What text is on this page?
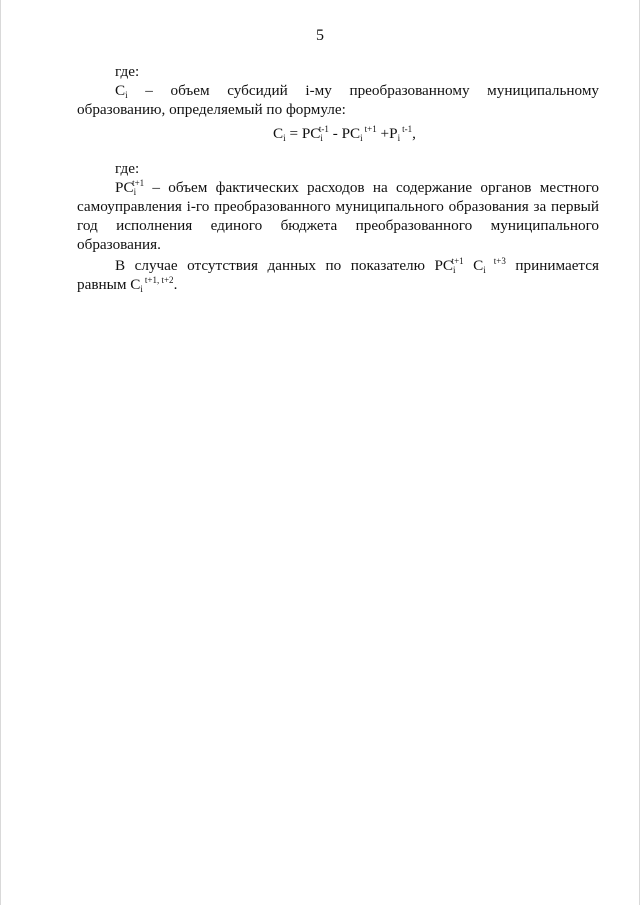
5
где:
$С_i$ – объем субсидий i-му преобразованному муниципальному
образованию, определяемый по формуле:
$С_i = PC_i^{t-1} - PC_i^{t+1} +P_i^{t-1}$,
где:
$PC_i^{t+1}$ – объем фактических расходов на содержание органов местного
самоуправления i-го преобразованного муниципального образования за первый
год исполнения единого бюджета преобразованного муниципального
образования.
В случае отсутствия данных по показателю $PC_i^{t+1}$ $С_i^{t+3}$ принимается
равным $С_i^{t+1, t+2}$.
